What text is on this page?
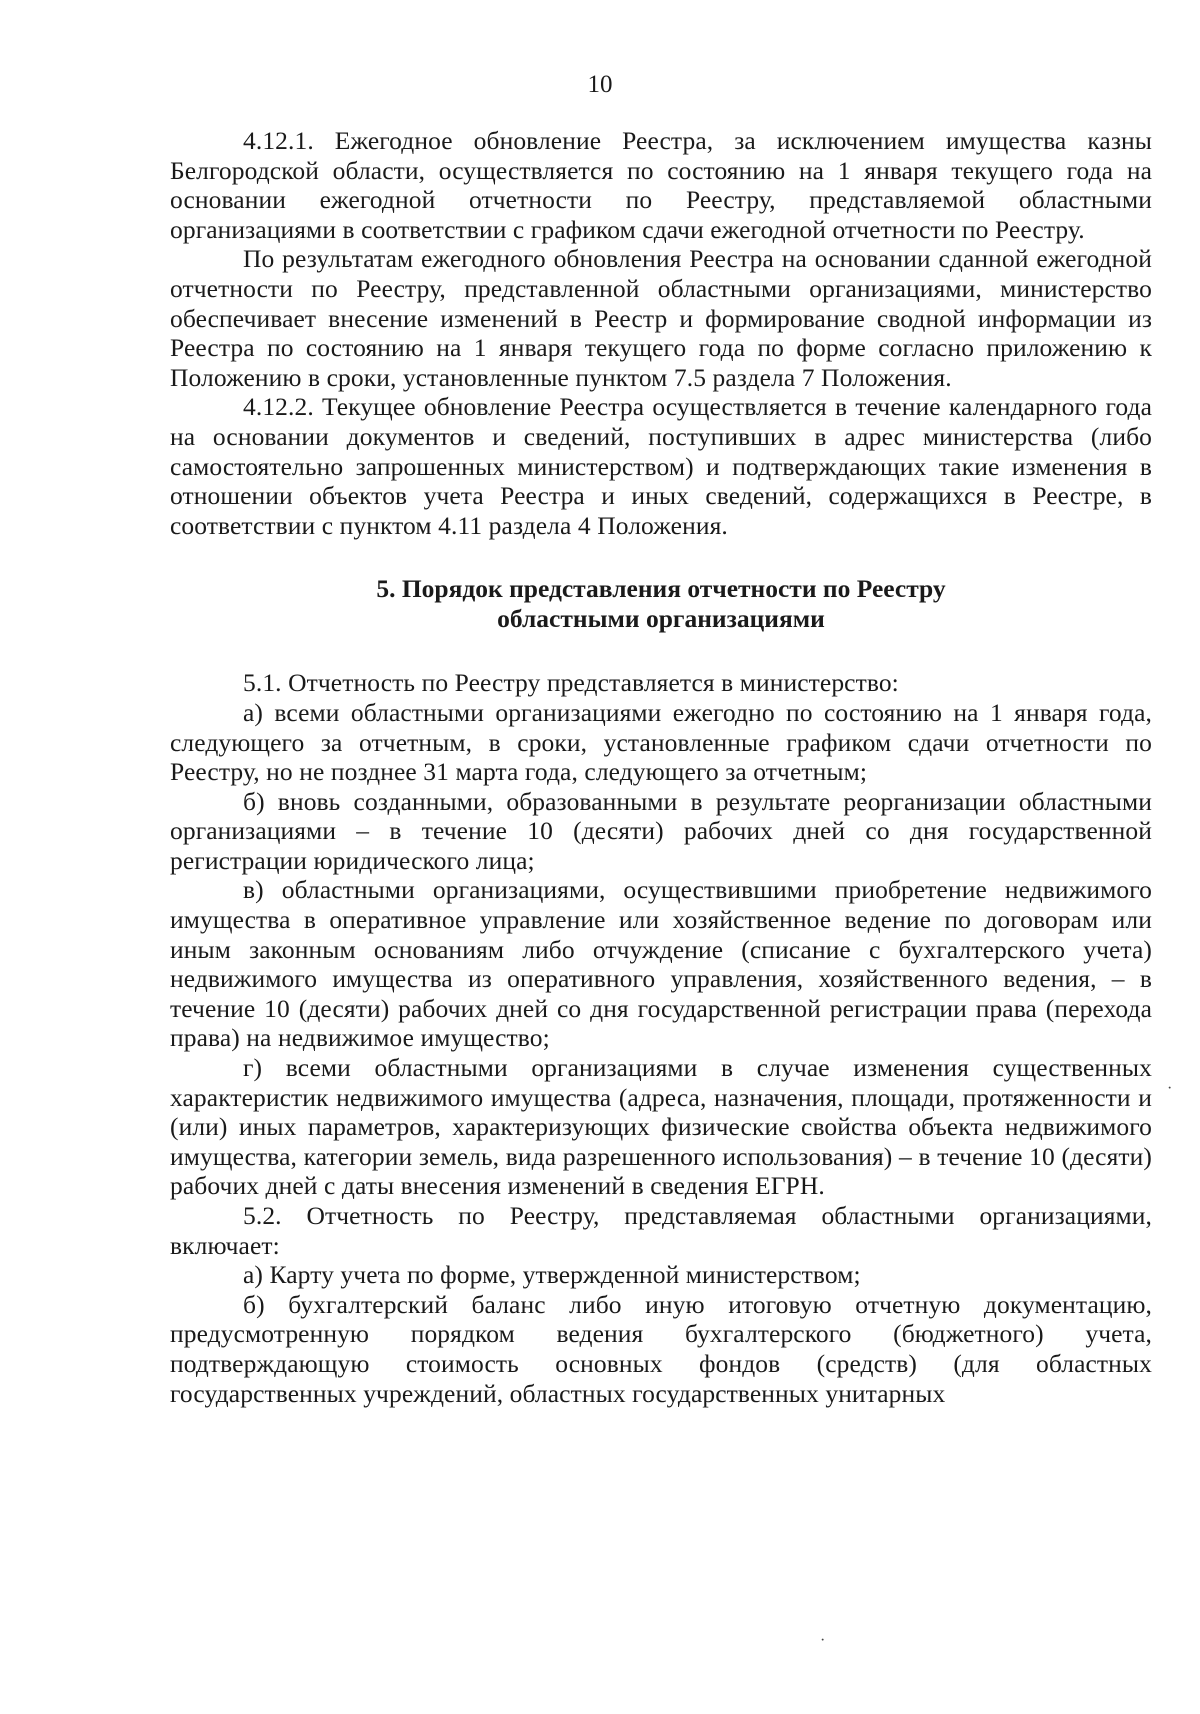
10

4.12.1. Ежегодное обновление Реестра, за исключением имущества казны Белгородской области, осуществляется по состоянию на 1 января текущего года на основании ежегодной отчетности по Реестру, представляемой областными организациями в соответствии с графиком сдачи ежегодной отчетности по Реестру.

По результатам ежегодного обновления Реестра на основании сданной ежегодной отчетности по Реестру, представленной областными организациями, министерство обеспечивает внесение изменений в Реестр и формирование сводной информации из Реестра по состоянию на 1 января текущего года по форме согласно приложению к Положению в сроки, установленные пунктом 7.5 раздела 7 Положения.

4.12.2. Текущее обновление Реестра осуществляется в течение календарного года на основании документов и сведений, поступивших в адрес министерства (либо самостоятельно запрошенных министерством) и подтверждающих такие изменения в отношении объектов учета Реестра и иных сведений, содержащихся в Реестре, в соответствии с пунктом 4.11 раздела 4 Положения.

5. Порядок представления отчетности по Реестру
областными организациями

5.1. Отчетность по Реестру представляется в министерство:

а) всеми областными организациями ежегодно по состоянию на 1 января года, следующего за отчетным, в сроки, установленные графиком сдачи отчетности по Реестру, но не позднее 31 марта года, следующего за отчетным;

б) вновь созданными, образованными в результате реорганизации областными организациями – в течение 10 (десяти) рабочих дней со дня государственной регистрации юридического лица;

в) областными организациями, осуществившими приобретение недвижимого имущества в оперативное управление или хозяйственное ведение по договорам или иным законным основаниям либо отчуждение (списание с бухгалтерского учета) недвижимого имущества из оперативного управления, хозяйственного ведения, – в течение 10 (десяти) рабочих дней со дня государственной регистрации права (перехода права) на недвижимое имущество;

г) всеми областными организациями в случае изменения существенных характеристик недвижимого имущества (адреса, назначения, площади, протяженности и (или) иных параметров, характеризующих физические свойства объекта недвижимого имущества, категории земель, вида разрешенного использования) – в течение 10 (десяти) рабочих дней с даты внесения изменений в сведения ЕГРН.

5.2. Отчетность по Реестру, представляемая областными организациями, включает:

а) Карту учета по форме, утвержденной министерством;

б) бухгалтерский баланс либо иную итоговую отчетную документацию, предусмотренную порядком ведения бухгалтерского (бюджетного) учета, подтверждающую стоимость основных фондов (средств) (для областных государственных учреждений, областных государственных унитарных

·
·
